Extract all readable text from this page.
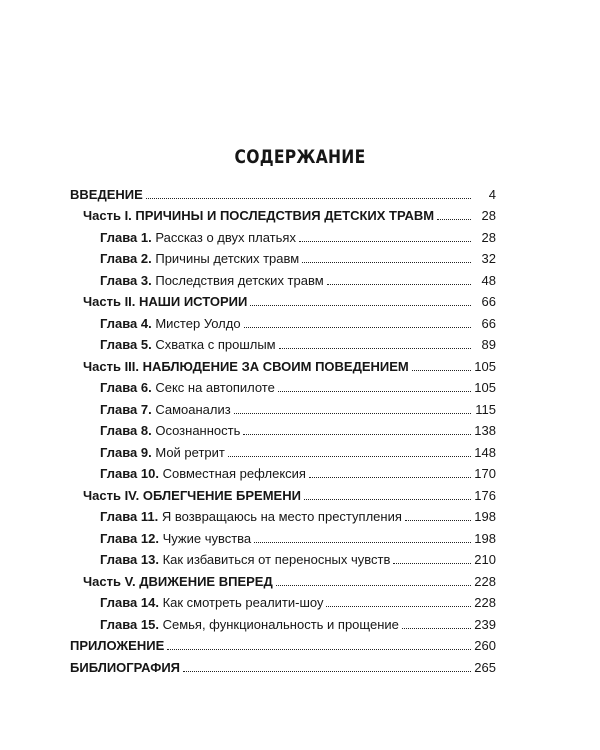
СОДЕРЖАНИЕ
ВВЕДЕНИЕ	4
Часть I. ПРИЧИНЫ И ПОСЛЕДСТВИЯ ДЕТСКИХ ТРАВМ	28
Глава 1. Рассказ о двух платьях	28
Глава 2. Причины детских травм	32
Глава 3. Последствия детских травм	48
Часть II. НАШИ ИСТОРИИ	66
Глава 4. Мистер Уолдо	66
Глава 5. Схватка с прошлым	89
Часть III. НАБЛЮДЕНИЕ ЗА СВОИМ ПОВЕДЕНИЕМ	105
Глава 6. Секс на автопилоте	105
Глава 7. Самоанализ	115
Глава 8. Осознанность	138
Глава 9. Мой ретрит	148
Глава 10. Совместная рефлексия	170
Часть IV. ОБЛЕГЧЕНИЕ БРЕМЕНИ	176
Глава 11. Я возвращаюсь на место преступления	198
Глава 12. Чужие чувства	198
Глава 13. Как избавиться от переносных чувств	210
Часть V. ДВИЖЕНИЕ ВПЕРЕД	228
Глава 14. Как смотреть реалити-шоу	228
Глава 15. Семья, функциональность и прощение	239
ПРИЛОЖЕНИЕ	260
БИБЛИОГРАФИЯ	265
